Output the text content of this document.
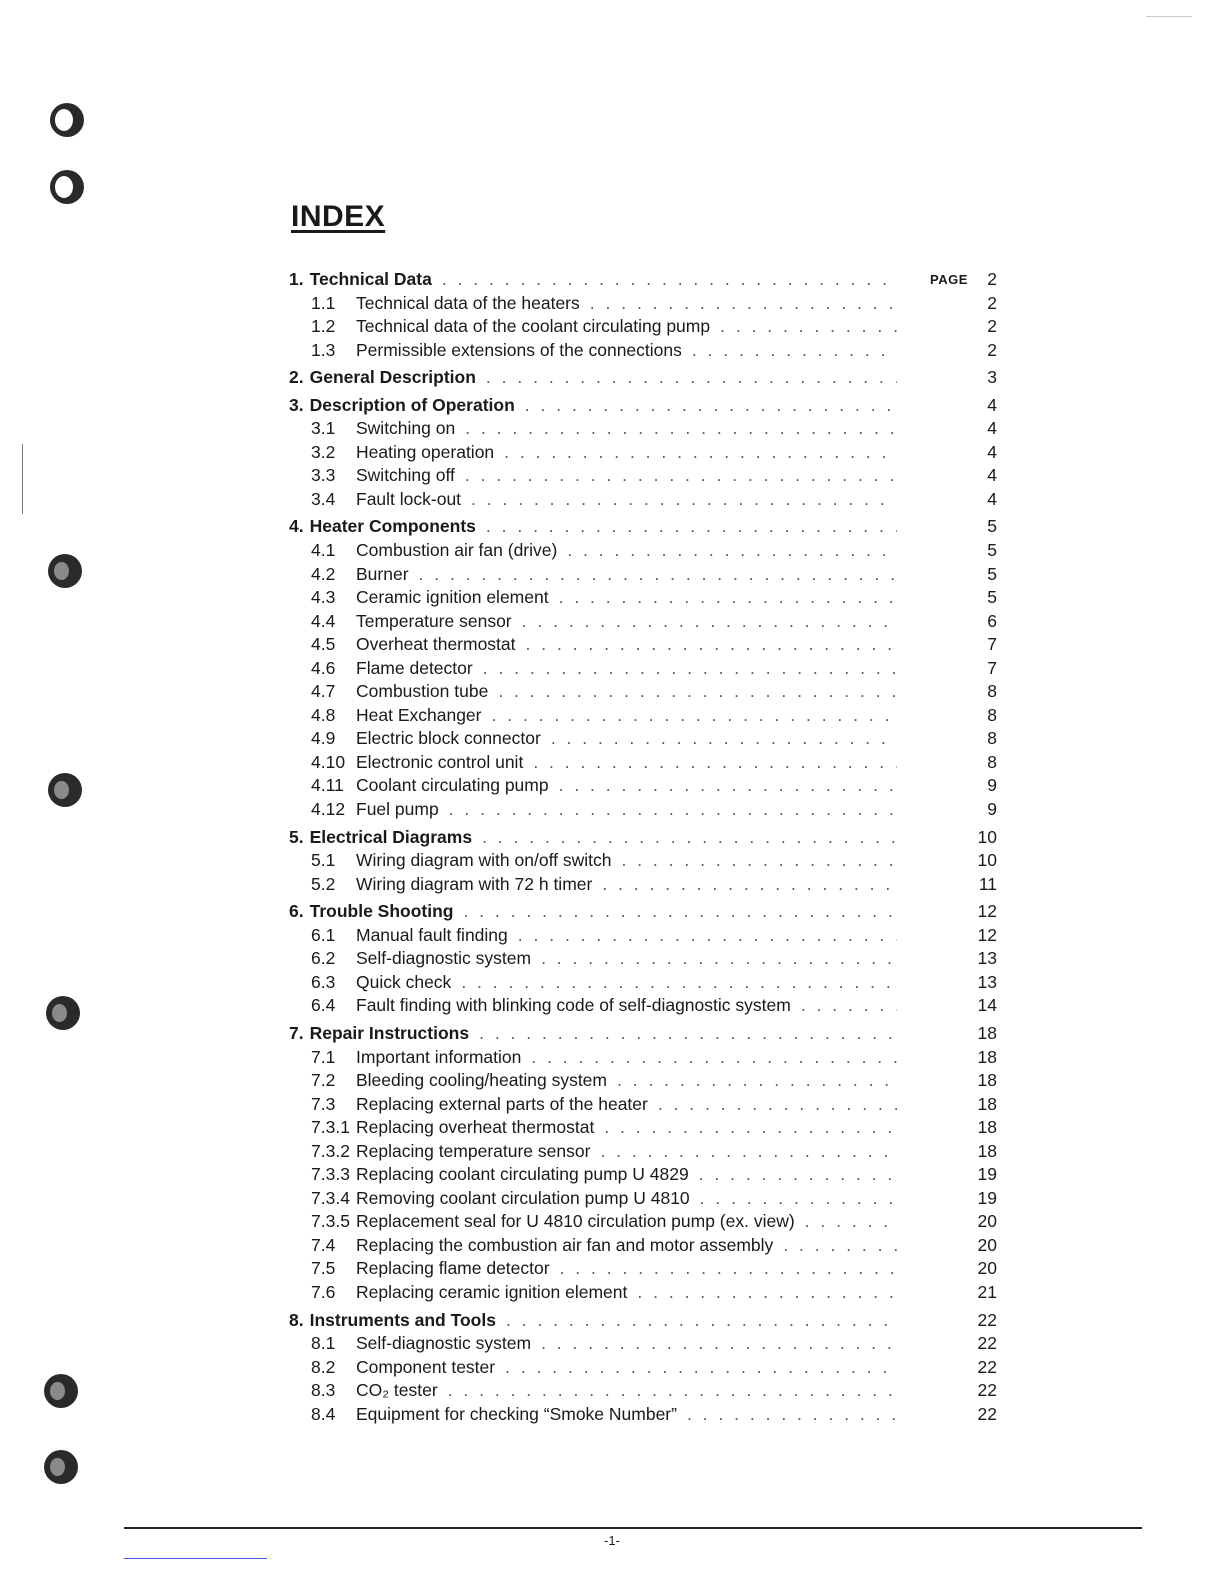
INDEX
PAGE
1. Technical Data . . .	2
1.1	Technical data of the heaters . . .	2
1.2	Technical data of the coolant circulating pump . . .	2
1.3	Permissible extensions of the connections . . .	2
2. General Description . . .	3
3. Description of Operation . . .	4
3.1	Switching on . . .	4
3.2	Heating operation . . .	4
3.3	Switching off . . .	4
3.4	Fault lock-out . . .	4
4. Heater Components . . .	5
4.1	Combustion air fan (drive) . . .	5
4.2	Burner . . .	5
4.3	Ceramic ignition element . . .	5
4.4	Temperature sensor . . .	6
4.5	Overheat thermostat . . .	7
4.6	Flame detector . . .	7
4.7	Combustion tube . . .	8
4.8	Heat Exchanger . . .	8
4.9	Electric block connector . . .	8
4.10 Electronic control unit . . .	8
4.11 Coolant circulating pump . . .	9
4.12 Fuel pump . . .	9
5. Electrical Diagrams . . .	10
5.1	Wiring diagram with on/off switch . . .	10
5.2	Wiring diagram with 72 h timer . . .	11
6. Trouble Shooting . . .	12
6.1	Manual fault finding . . .	12
6.2	Self-diagnostic system . . .	13
6.3	Quick check . . .	13
6.4	Fault finding with blinking code of self-diagnostic system . . .	14
7. Repair Instructions . . .	18
7.1	Important information . . .	18
7.2	Bleeding cooling/heating system . . .	18
7.3	Replacing external parts of the heater . . .	18
7.3.1 Replacing overheat thermostat . . .	18
7.3.2 Replacing temperature sensor . . .	18
7.3.3 Replacing coolant circulating pump U 4829 . . .	19
7.3.4 Removing coolant circulation pump U 4810 . . .	19
7.3.5 Replacement seal for U 4810 circulation pump (ex. view) . . .	20
7.4	Replacing the combustion air fan and motor assembly . . .	20
7.5	Replacing flame detector . . .	20
7.6	Replacing ceramic ignition element . . .	21
8. Instruments and Tools . . .	22
8.1	Self-diagnostic system . . .	22
8.2	Component tester . . .	22
8.3	CO₂ tester . . .	22
8.4	Equipment for checking “Smoke Number” . . .	22
-1-
